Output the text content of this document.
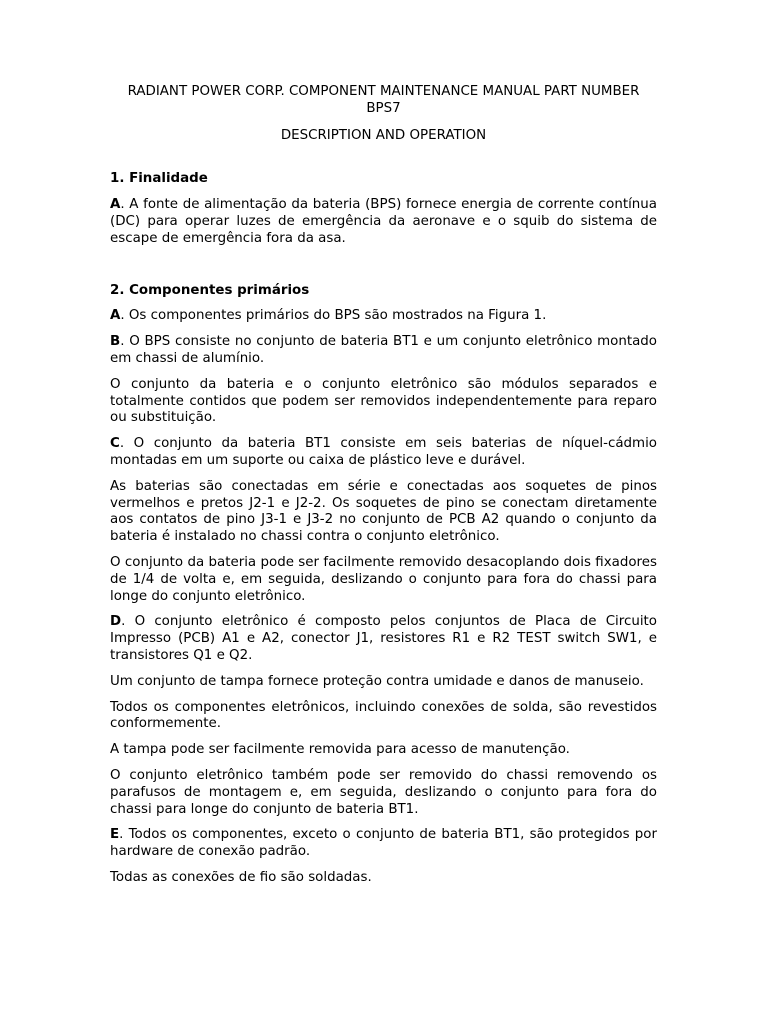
RADIANT POWER CORP. COMPONENT MAINTENANCE MANUAL PART NUMBER BPS7
DESCRIPTION AND OPERATION
1. Finalidade

A. A fonte de alimentação da bateria (BPS) fornece energia de corrente contínua (DC) para operar luzes de emergência da aeronave e o squib do sistema de escape de emergência fora da asa.

2. Componentes primários

A. Os componentes primários do BPS são mostrados na Figura 1.

B. O BPS consiste no conjunto de bateria BT1 e um conjunto eletrônico montado em chassi de alumínio.

O conjunto da bateria e o conjunto eletrônico são módulos separados e totalmente contidos que podem ser removidos independentemente para reparo ou substituição.

C. O conjunto da bateria BT1 consiste em seis baterias de níquel-cádmio montadas em um suporte ou caixa de plástico leve e durável.

As baterias são conectadas em série e conectadas aos soquetes de pinos vermelhos e pretos J2-1 e J2-2. Os soquetes de pino se conectam diretamente aos contatos de pino J3-1 e J3-2 no conjunto de PCB A2 quando o conjunto da bateria é instalado no chassi contra o conjunto eletrônico.

O conjunto da bateria pode ser facilmente removido desacoplando dois fixadores de 1/4 de volta e, em seguida, deslizando o conjunto para fora do chassi para longe do conjunto eletrônico.

D. O conjunto eletrônico é composto pelos conjuntos de Placa de Circuito Impresso (PCB) A1 e A2, conector J1, resistores R1 e R2 TEST switch SW1, e transistores Q1 e Q2.

Um conjunto de tampa fornece proteção contra umidade e danos de manuseio.

Todos os componentes eletrônicos, incluindo conexões de solda, são revestidos conformemente.

A tampa pode ser facilmente removida para acesso de manutenção.

O conjunto eletrônico também pode ser removido do chassi removendo os parafusos de montagem e, em seguida, deslizando o conjunto para fora do chassi para longe do conjunto de bateria BT1.

E. Todos os componentes, exceto o conjunto de bateria BT1, são protegidos por hardware de conexão padrão.

Todas as conexões de fio são soldadas.
